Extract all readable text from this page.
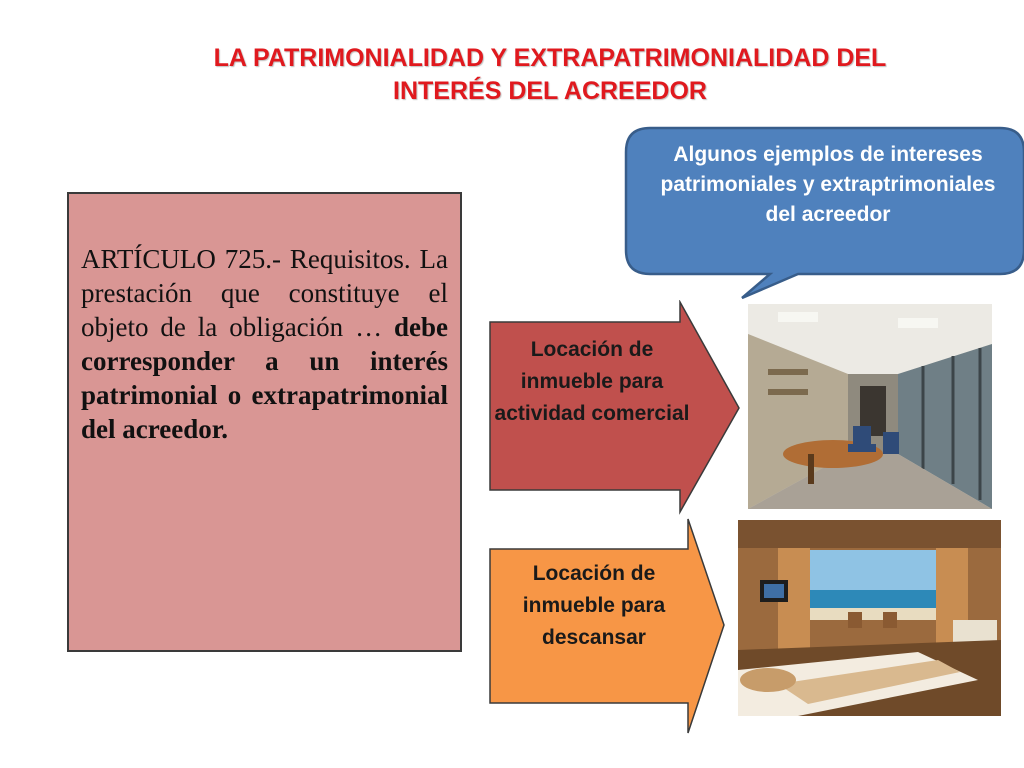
LA PATRIMONIALIDAD Y EXTRAPATRIMONIALIDAD DEL
INTERÉS DEL ACREEDOR
ARTÍCULO 725.- Requisitos. La prestación que constituye el objeto de la obligación … debe corresponder a un interés patrimonial o extrapatrimonial del acreedor.
Algunos ejemplos de intereses patrimoniales y extraptrimoniales del acreedor
Locación de inmueble para actividad comercial
Locación de inmueble para descansar
